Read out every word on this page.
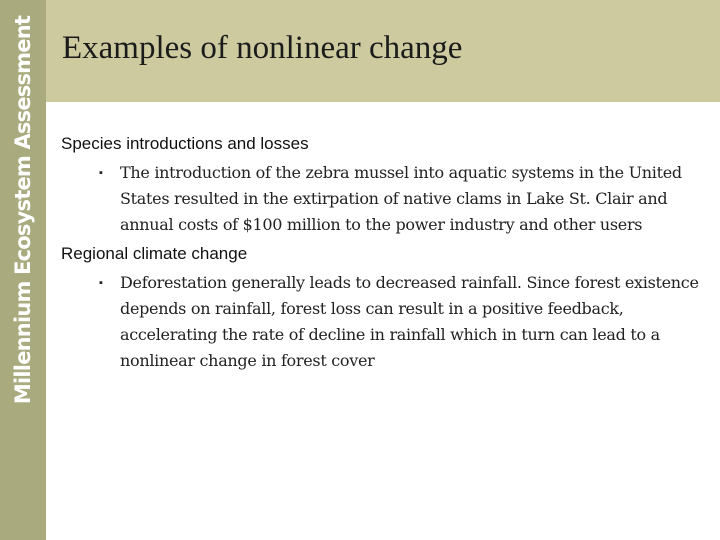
Millennium Ecosystem Assessment Examples of nonlinear change
Species introductions and losses
▪ The introduction of the zebra mussel into aquatic systems in the United States resulted in the extirpation of native clams in Lake St. Clair and annual costs of $100 million to the power industry and other users
Regional climate change
▪ Deforestation generally leads to decreased rainfall. Since forest existence depends on rainfall, forest loss can result in a positive feedback, accelerating the rate of decline in rainfall which in turn can lead to a nonlinear change in forest cover
